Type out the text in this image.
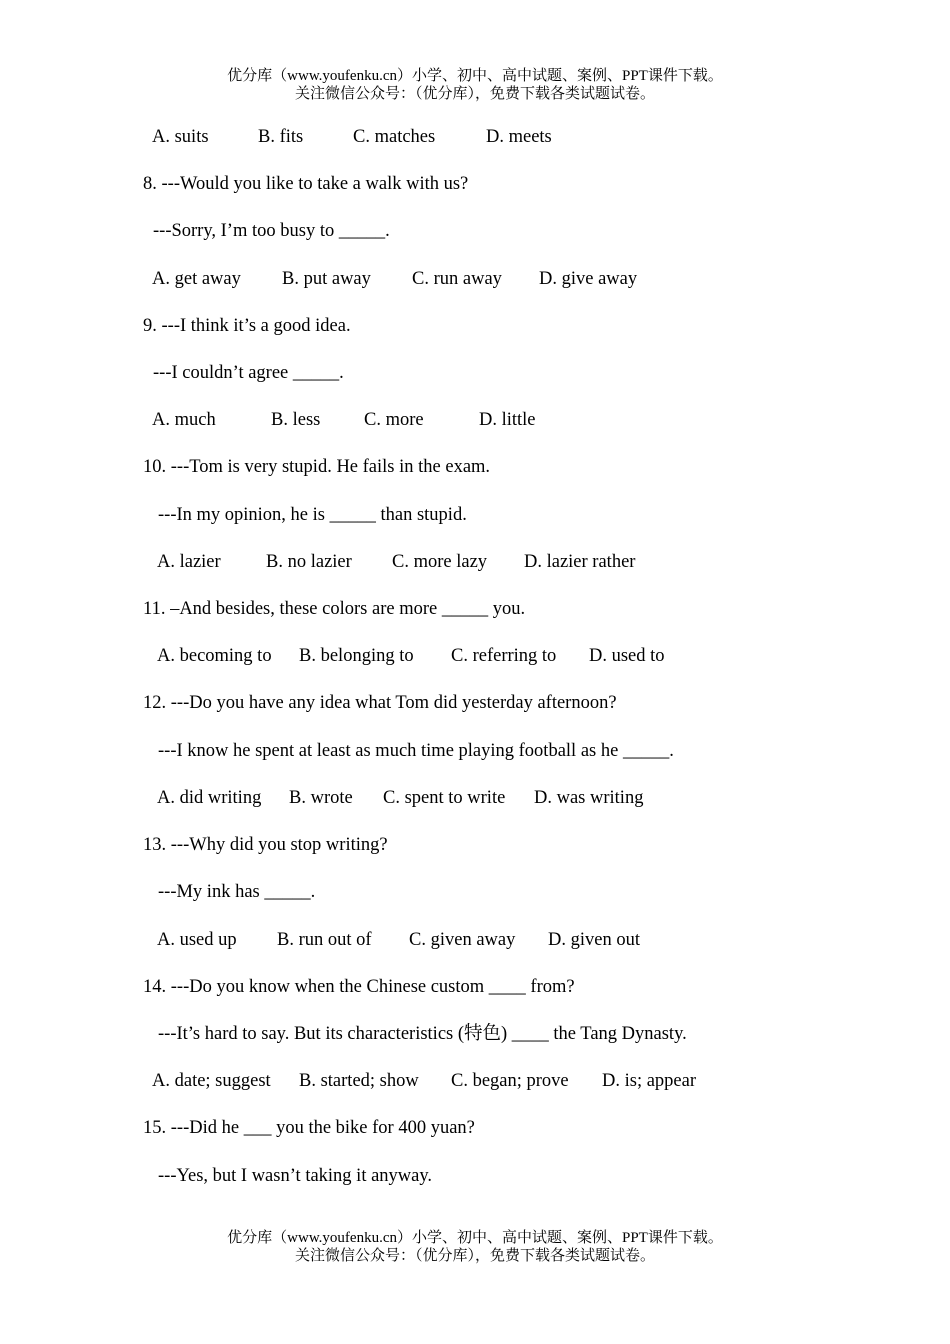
优分库（www.youfenku.cn）小学、初中、高中试题、案例、PPT课件下载。
关注微信公众号：（优分库），免费下载各类试题试卷。
A. suits	B. fits	C. matches	D. meets
8. ---Would you like to take a walk with us?
---Sorry, I’m too busy to _____.
A. get away B. put away C. run away D. give away
9. ---I think it’s a good idea.
---I couldn’t agree _____.
A. much	B. less C. more	D. little
10. ---Tom is very stupid. He fails in the exam.
---In my opinion, he is _____ than stupid.
A. lazier B. no lazier C. more lazy D. lazier rather
11. –And besides, these colors are more _____ you.
A. becoming to B. belonging to C. referring to D. used to
12. ---Do you have any idea what Tom did yesterday afternoon?
---I know he spent at least as much time playing football as he _____.
A. did writing B. wrote C. spent to write D. was writing
13. ---Why did you stop writing?
---My ink has _____.
A. used up B. run out of C. given away D. given out
14. ---Do you know when the Chinese custom ____ from?
---It’s hard to say. But its characteristics (特色) ____ the Tang Dynasty.
A. date; suggest B. started; show C. began; prove D. is; appear
15. ---Did he ___ you the bike for 400 yuan?
---Yes, but I wasn’t taking it anyway.
优分库（www.youfenku.cn）小学、初中、高中试题、案例、PPT课件下载。
关注微信公众号：（优分库），免费下载各类试题试卷。
